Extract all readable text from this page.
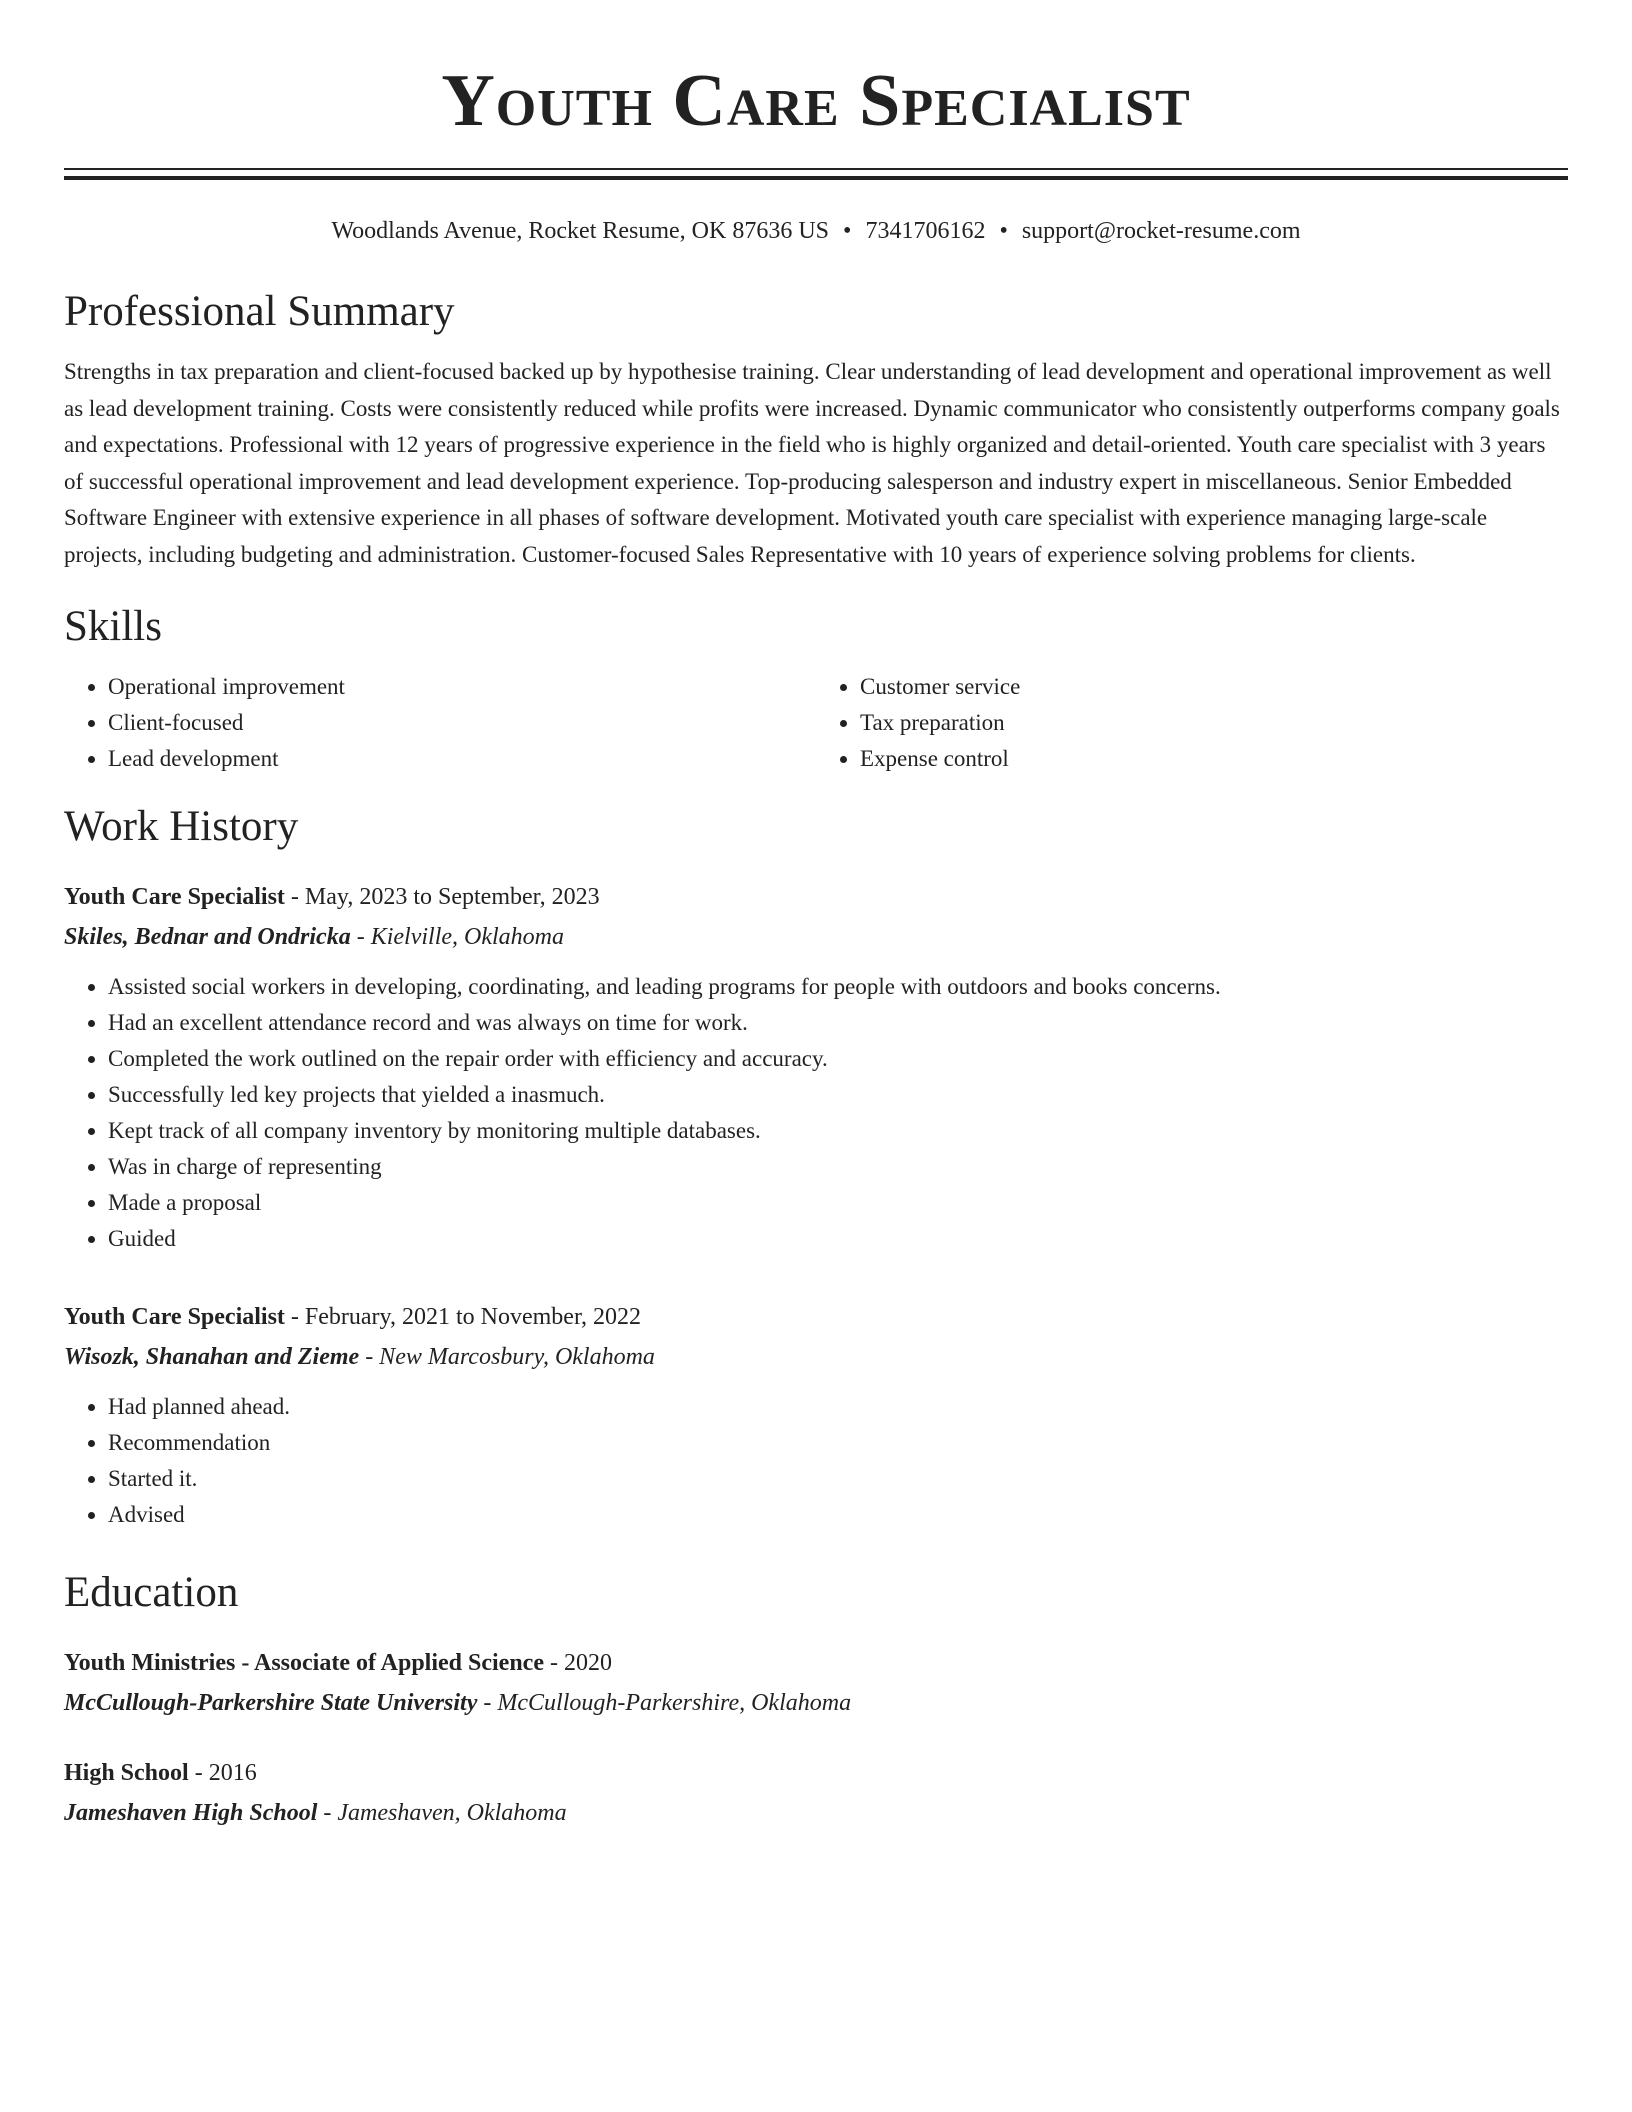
Youth Care Specialist
Woodlands Avenue, Rocket Resume, OK 87636 US • 7341706162 • support@rocket-resume.com
Professional Summary

Strengths in tax preparation and client-focused backed up by hypothesise training. Clear understanding of lead development and operational improvement as well as lead development training. Costs were consistently reduced while profits were increased. Dynamic communicator who consistently outperforms company goals and expectations. Professional with 12 years of progressive experience in the field who is highly organized and detail-oriented. Youth care specialist with 3 years of successful operational improvement and lead development experience. Top-producing salesperson and industry expert in miscellaneous. Senior Embedded Software Engineer with extensive experience in all phases of software development. Motivated youth care specialist with experience managing large-scale projects, including budgeting and administration. Customer-focused Sales Representative with 10 years of experience solving problems for clients.

Skills
• Operational improvement
• Client-focused
• Lead development
• Customer service
• Tax preparation
• Expense control
Work History
Youth Care Specialist - May, 2023 to September, 2023
Skiles, Bednar and Ondricka - Kielville, Oklahoma
• Assisted social workers in developing, coordinating, and leading programs for people with outdoors and books concerns.
• Had an excellent attendance record and was always on time for work.
• Completed the work outlined on the repair order with efficiency and accuracy.
• Successfully led key projects that yielded a inasmuch.
• Kept track of all company inventory by monitoring multiple databases.
• Was in charge of representing
• Made a proposal
• Guided
Youth Care Specialist - February, 2021 to November, 2022
Wisozk, Shanahan and Zieme - New Marcosbury, Oklahoma
• Had planned ahead.
• Recommendation
• Started it.
• Advised
Education
Youth Ministries - Associate of Applied Science - 2020
McCullough-Parkershire State University - McCullough-Parkershire, Oklahoma
High School - 2016
Jameshaven High School - Jameshaven, Oklahoma
